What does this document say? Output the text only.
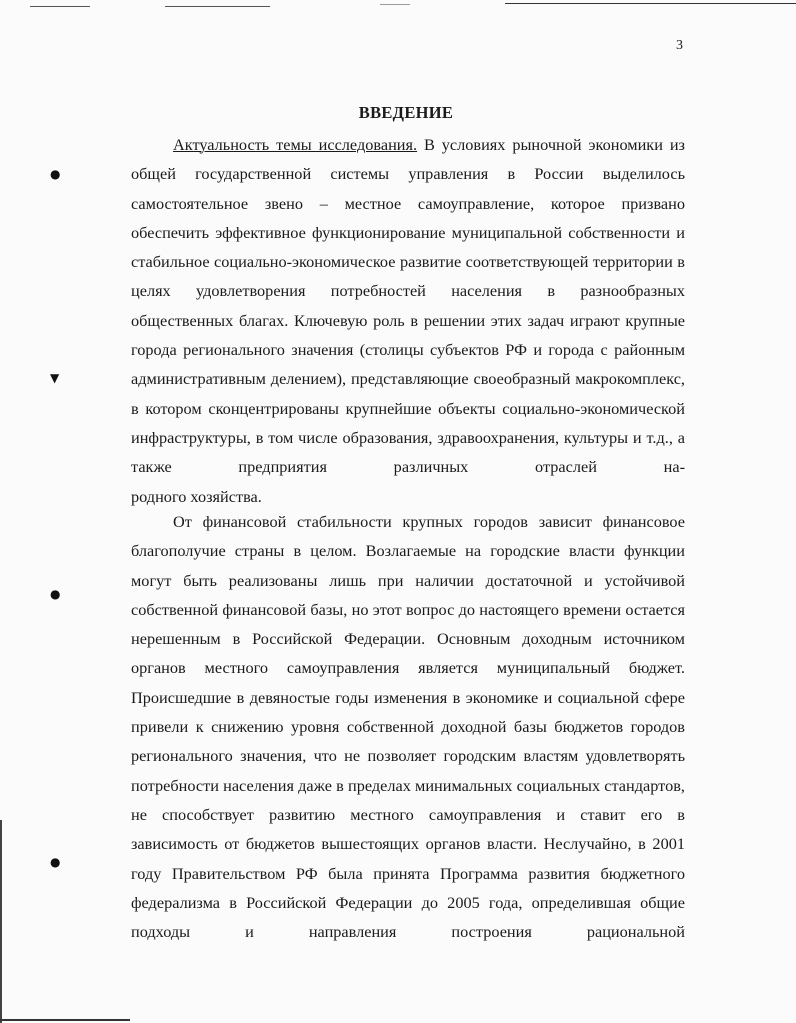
3
ВВЕДЕНИЕ

Актуальность темы исследования. В условиях рыночной экономики из общей государственной системы управления в России выделилось самостоятельное звено – местное самоуправление, которое призвано обеспечить эффективное функционирование муниципальной собственности и стабильное социально-экономическое развитие соответствующей территории в целях удовлетворения потребностей населения в разнообразных общественных благах. Ключевую роль в решении этих задач играют крупные города регионального значения (столицы субъектов РФ и города с районным административным делением), представляющие своеобразный макрокомплекс, в котором сконцентрированы крупнейшие объекты социально-экономической инфраструктуры, в том числе образования, здравоохранения, культуры и т.д., а также предприятия различных отраслей на-
родного хозяйства.

От финансовой стабильности крупных городов зависит финансовое благополучие страны в целом. Возлагаемые на городские власти функции могут быть реализованы лишь при наличии достаточной и устойчивой собственной финансовой базы, но этот вопрос до настоящего времени остается нерешенным в Российской Федерации. Основным доходным источником органов местного самоуправления является муниципальный бюджет. Происшедшие в девяностые годы изменения в экономике и социальной сфере привели к снижению уровня собственной доходной базы бюджетов городов регионального значения, что не позволяет городским властям удовлетворять потребности населения даже в пределах минимальных социальных стандартов, не способствует развитию местного самоуправления и ставит его в зависимость от бюджетов вышестоящих органов власти. Неслучайно, в 2001 году Правительством РФ была принята Программа развития бюджетного федерализма в Российской Федерации до 2005 года, определившая общие подходы и направления построения рациональной

●
▼
●
●
